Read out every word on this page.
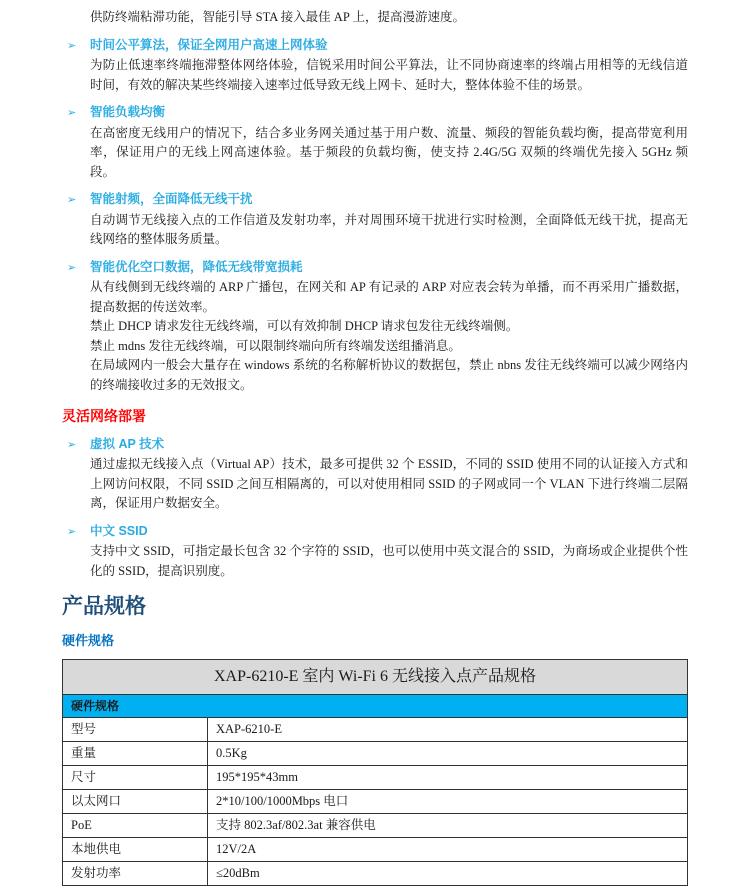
供防终端粘滞功能，智能引导 STA 接入最佳 AP 上，提高漫游速度。

➢	时间公平算法，保证全网用户高速上网体验

为防止低速率终端拖滞整体网络体验，信锐采用时间公平算法，让不同协商速率的终端占用相等的无线信道时间，有效的解决某些终端接入速率过低导致无线上网卡、延时大，整体体验不佳的场景。

➢	智能负载均衡

在高密度无线用户的情况下，结合多业务网关通过基于用户数、流量、频段的智能负载均衡，提高带宽利用率，保证用户的无线上网高速体验。基于频段的负载均衡，使支持 2.4G/5G 双频的终端优先接入 5GHz 频段。

➢	智能射频，全面降低无线干扰

自动调节无线接入点的工作信道及发射功率，并对周围环境干扰进行实时检测，全面降低无线干扰，提高无线网络的整体服务质量。

➢	智能优化空口数据，降低无线带宽损耗

从有线侧到无线终端的 ARP 广播包，在网关和 AP 有记录的 ARP 对应表会转为单播，而不再采用广播数据，提高数据的传送效率。

禁止 DHCP 请求发往无线终端，可以有效抑制 DHCP 请求包发往无线终端侧。

禁止 mdns 发往无线终端，可以限制终端向所有终端发送组播消息。

在局域网内一般会大量存在 windows 系统的名称解析协议的数据包，禁止 nbns 发往无线终端可以减少网络内的终端接收过多的无效报文。

灵活网络部署
➢	虚拟 AP 技术

通过虚拟无线接入点（Virtual AP）技术，最多可提供 32 个 ESSID，不同的 SSID 使用不同的认证接入方式和上网访问权限，不同 SSID 之间互相隔离的，可以对使用相同 SSID 的子网或同一个 VLAN 下进行终端二层隔离，保证用户数据安全。

➢	中文 SSID

支持中文 SSID，可指定最长包含 32 个字符的 SSID，也可以使用中英文混合的 SSID，为商场或企业提供个性化的 SSID，提高识别度。

产品规格
硬件规格
XAP-6210-E 室内 Wi-Fi 6 无线接入点产品规格	
硬件规格	
型号	XAP-6210-E
重量	0.5Kg
尺寸	195*195*43mm
以太网口	2*10/100/1000Mbps 电口
PoE	支持 802.3af/802.3at 兼容供电
本地供电	12V/2A
发射功率	≤20dBm
